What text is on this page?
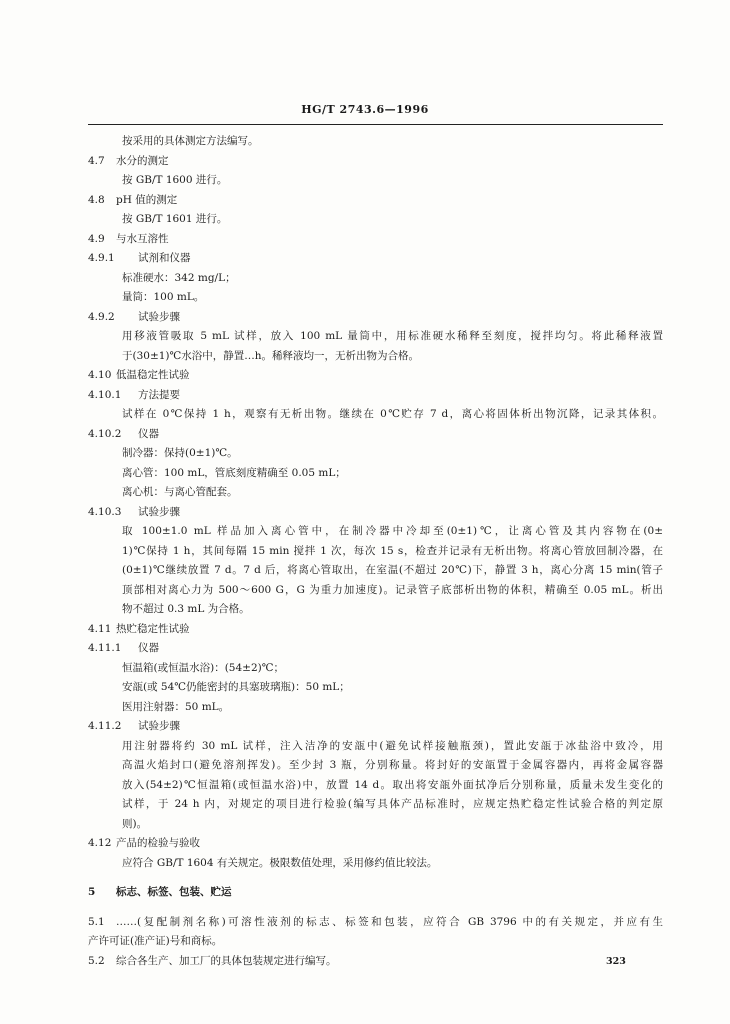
HG/T 2743.6—1996
按采用的具体测定方法编写。
4.7 水分的测定
按 GB/T 1600 进行。
4.8 pH 值的测定
按 GB/T 1601 进行。
4.9 与水互溶性
4.9.1 试剂和仪器
标准硬水：342 mg/L；
量筒：100 mL。
4.9.2 试验步骤
用移液管吸取 5 mL 试样，放入 100 mL 量筒中，用标准硬水稀释至刻度，搅拌均匀。将此稀释液置
于(30±1)℃水浴中，静置…h。稀释液均一，无析出物为合格。
4.10 低温稳定性试验
4.10.1 方法提要
试样在 0℃保持 1 h，观察有无析出物。继续在 0℃贮存 7 d，离心将固体析出物沉降，记录其体积。
4.10.2 仪器
制冷器：保持(0±1)℃。
离心管：100 mL，管底刻度精确至 0.05 mL；
离心机：与离心管配套。
4.10.3 试验步骤
取 100±1.0 mL 样品加入离心管中，在制冷器中冷却至(0±1)℃，让离心管及其内容物在(0±
1)℃保持 1 h，其间每隔 15 min 搅拌 1 次，每次 15 s，检查并记录有无析出物。将离心管放回制冷器，在
(0±1)℃继续放置 7 d。7 d 后，将离心管取出，在室温(不超过 20℃)下，静置 3 h，离心分离 15 min(管子
顶部相对离心力为 500～600 G，G 为重力加速度)。记录管子底部析出物的体积，精确至 0.05 mL。析出
物不超过 0.3 mL 为合格。
4.11 热贮稳定性试验
4.11.1 仪器
恒温箱(或恒温水浴)：(54±2)℃；
安瓿(或 54℃仍能密封的具塞玻璃瓶)：50 mL；
医用注射器：50 mL。
4.11.2 试验步骤
用注射器将约 30 mL 试样，注入洁净的安瓿中(避免试样接触瓶颈)，置此安瓿于冰盐浴中致冷，用
高温火焰封口(避免溶剂挥发)。至少封 3 瓶，分别称量。将封好的安瓿置于金属容器内，再将金属容器
放入(54±2)℃恒温箱(或恒温水浴)中，放置 14 d。取出将安瓿外面拭净后分别称量，质量未发生变化的
试样，于 24 h 内，对规定的项目进行检验(编写具体产品标准时，应规定热贮稳定性试验合格的判定原
则)。
4.12 产品的检验与验收
应符合 GB/T 1604 有关规定。极限数值处理，采用修约值比较法。
5 标志、标签、包装、贮运
5.1 ……(复配制剂名称)可溶性液剂的标志、标签和包装，应符合 GB 3796 中的有关规定，并应有生
产许可证(准产证)号和商标。
5.2 综合各生产、加工厂的具体包装规定进行编写。	323
